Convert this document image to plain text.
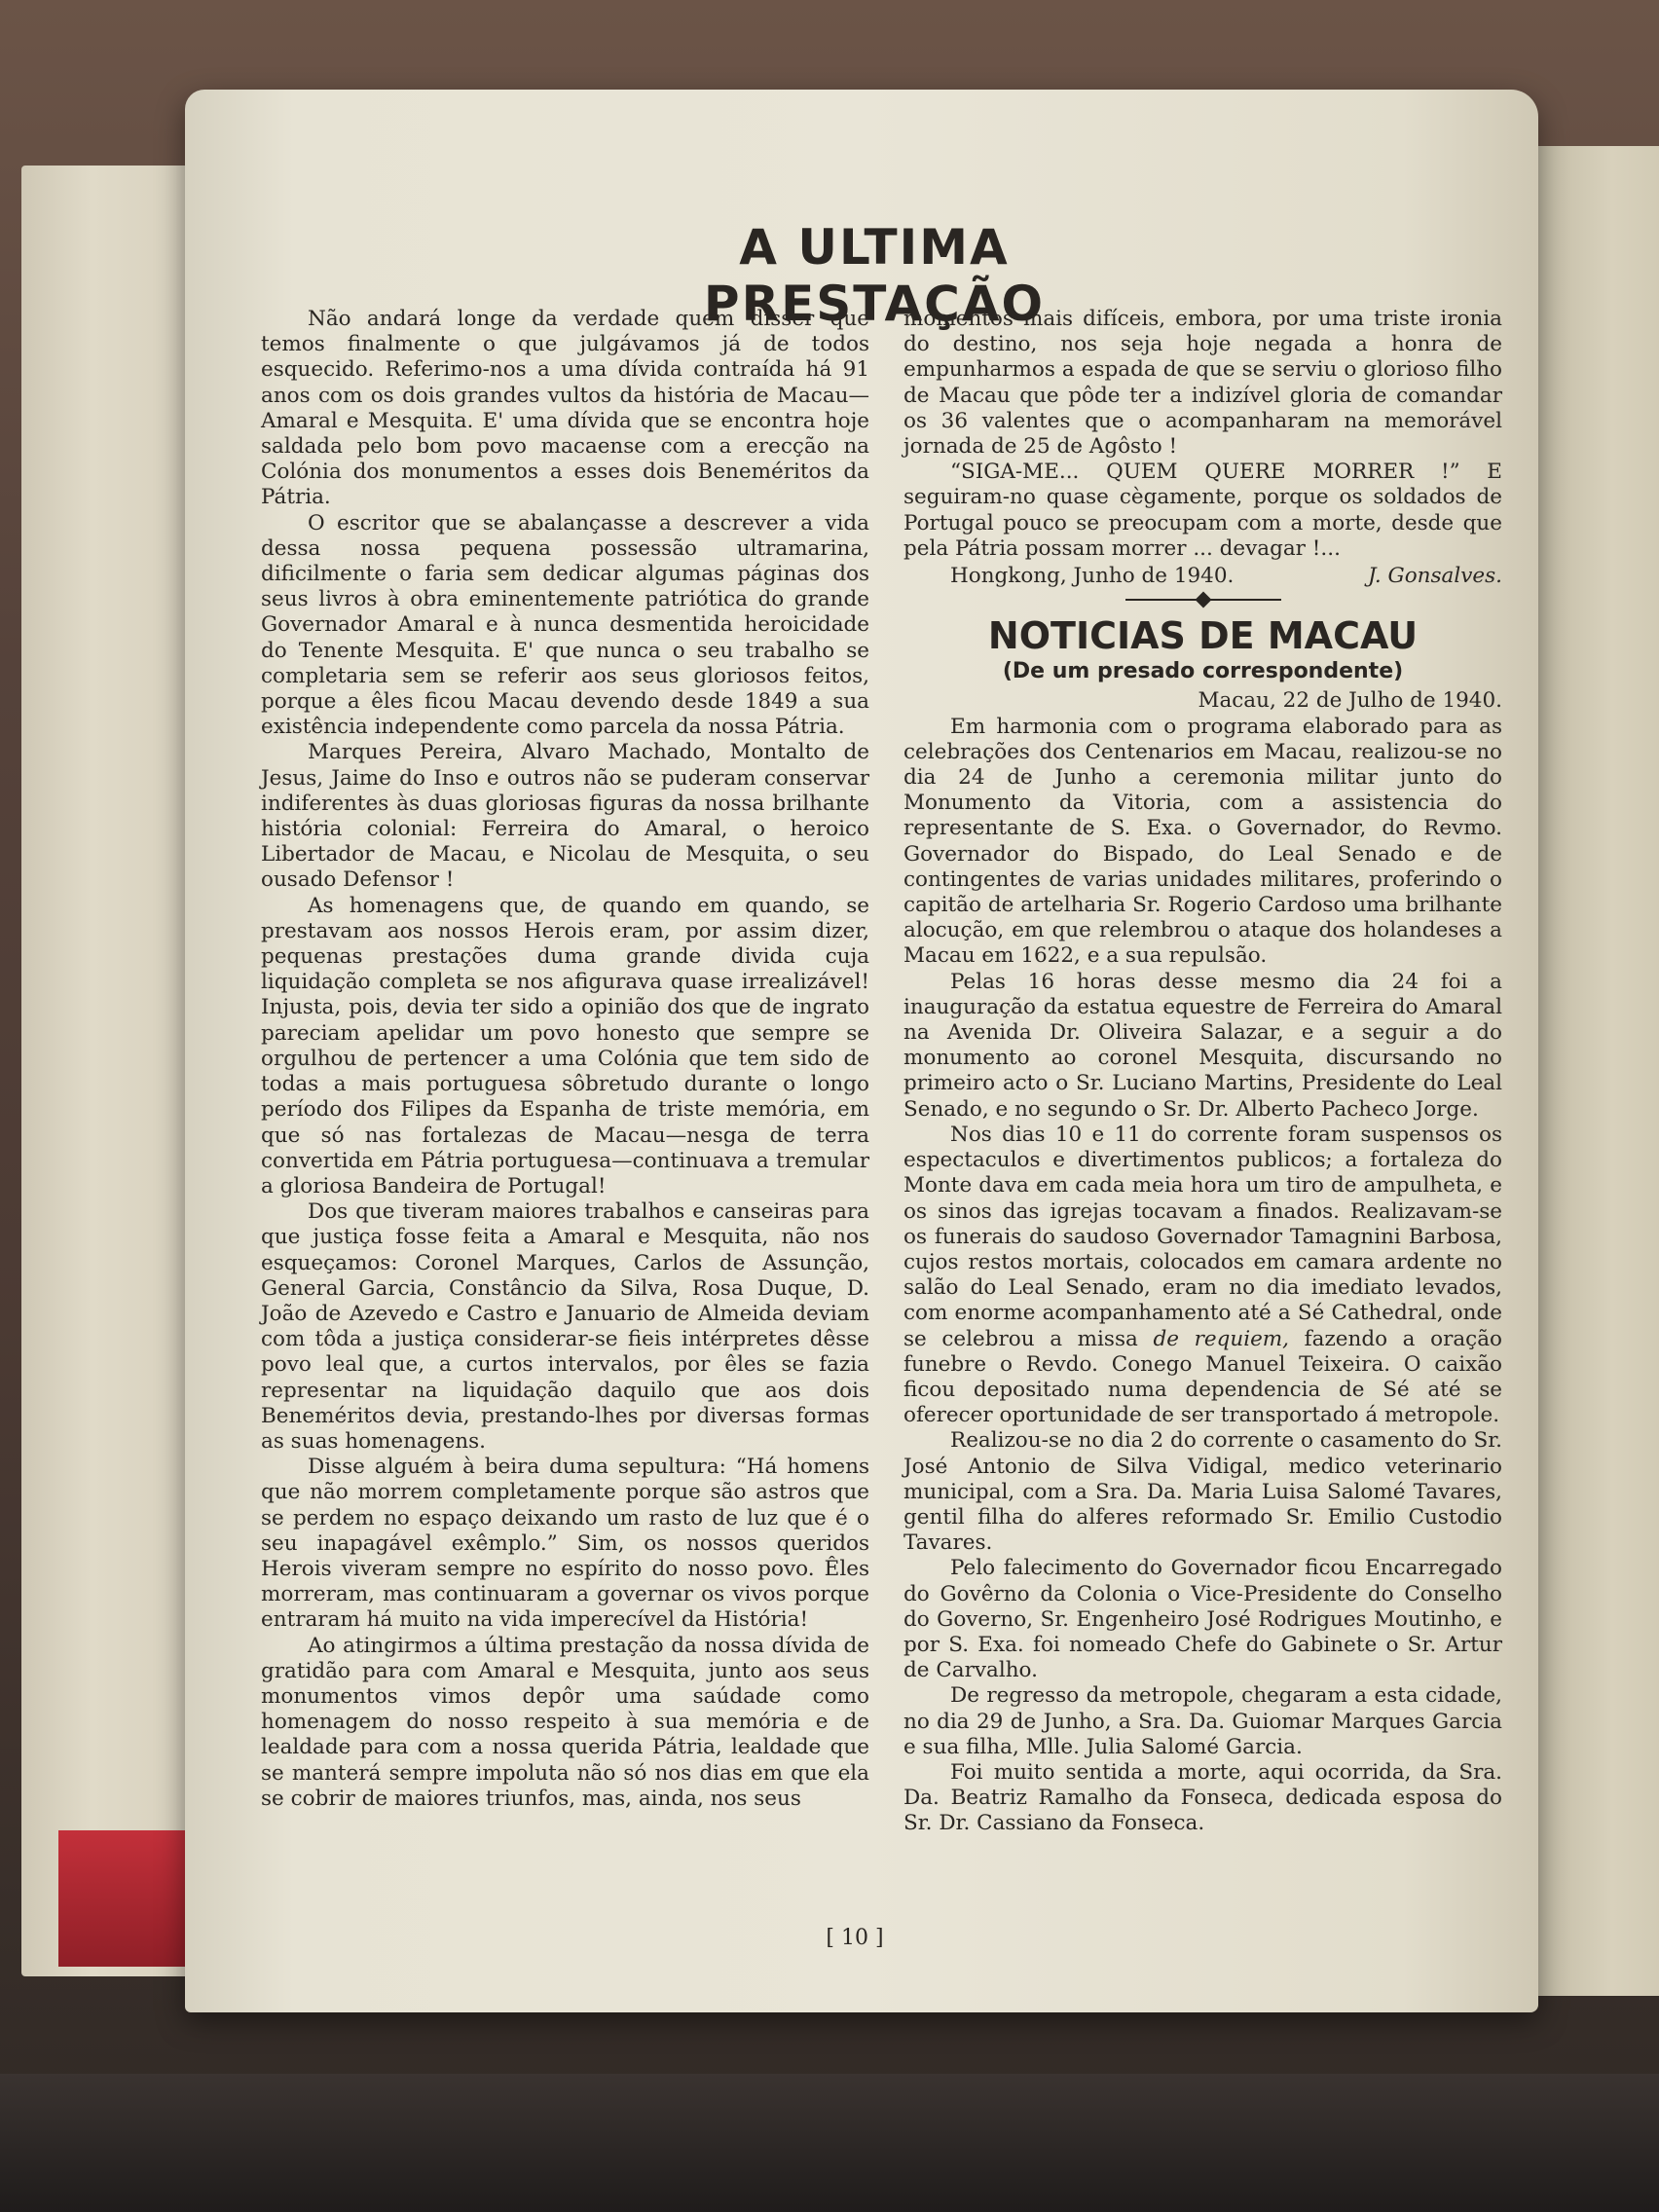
A ULTIMA PRESTAÇÃO

Não andará longe da verdade quem disser que temos finalmente o que julgávamos já de todos esquecido. Referimo-nos a uma dívida contraída há 91 anos com os dois grandes vultos da história de Macau—Amaral e Mesquita. E' uma dívida que se encontra hoje saldada pelo bom povo macaense com a erecção na Colónia dos monumentos a esses dois Beneméritos da Pátria.

O escritor que se abalançasse a descrever a vida dessa nossa pequena possessão ultramarina, dificilmente o faria sem dedicar algumas páginas dos seus livros à obra eminentemente patriótica do grande Governador Amaral e à nunca desmentida heroicidade do Tenente Mesquita. E' que nunca o seu trabalho se completaria sem se referir aos seus gloriosos feitos, porque a êles ficou Macau devendo desde 1849 a sua existência independente como parcela da nossa Pátria.

Marques Pereira, Alvaro Machado, Montalto de Jesus, Jaime do Inso e outros não se puderam conservar indiferentes às duas gloriosas figuras da nossa brilhante história colonial: Ferreira do Amaral, o heroico Libertador de Macau, e Nicolau de Mesquita, o seu ousado Defensor !

As homenagens que, de quando em quando, se prestavam aos nossos Herois eram, por assim dizer, pequenas prestações duma grande divida cuja liquidação completa se nos afigurava quase irrealizável! Injusta, pois, devia ter sido a opinião dos que de ingrato pareciam apelidar um povo honesto que sempre se orgulhou de pertencer a uma Colónia que tem sido de todas a mais portuguesa sôbretudo durante o longo período dos Filipes da Espanha de triste memória, em que só nas fortalezas de Macau—nesga de terra convertida em Pátria portuguesa—continuava a tremular a gloriosa Bandeira de Portugal!

Dos que tiveram maiores trabalhos e canseiras para que justiça fosse feita a Amaral e Mesquita, não nos esqueçamos: Coronel Marques, Carlos de Assunção, General Garcia, Constâncio da Silva, Rosa Duque, D. João de Azevedo e Castro e Januario de Almeida deviam com tôda a justiça considerar-se fieis intérpretes dêsse povo leal que, a curtos intervalos, por êles se fazia representar na liquidação daquilo que aos dois Beneméritos devia, prestando-lhes por diversas formas as suas homenagens.

Disse alguém à beira duma sepultura: “Há homens que não morrem completamente porque são astros que se perdem no espaço deixando um rasto de luz que é o seu inapagável exêmplo.” Sim, os nossos queridos Herois viveram sempre no espírito do nosso povo. Êles morreram, mas continuaram a governar os vivos porque entraram há muito na vida imperecível da História!

Ao atingirmos a última prestação da nossa dívida de gratidão para com Amaral e Mesquita, junto aos seus monumentos vimos depôr uma saúdade como homenagem do nosso respeito à sua memória e de lealdade para com a nossa querida Pátria, lealdade que se manterá sempre impoluta não só nos dias em que ela se cobrir de maiores triunfos, mas, ainda, nos seus

momentos mais difíceis, embora, por uma triste ironia do destino, nos seja hoje negada a honra de empunharmos a espada de que se serviu o glorioso filho de Macau que pôde ter a indizível gloria de comandar os 36 valentes que o acompanharam na memorável jornada de 25 de Agôsto !

“SIGA-ME... QUEM QUERE MORRER !” E seguiram-no quase cègamente, porque os soldados de Portugal pouco se preocupam com a morte, desde que pela Pátria possam morrer ... devagar !...

Hongkong, Junho de 1940.	J. Gonsalves.
NOTICIAS DE MACAU
(De um presado correspondente)

Macau, 22 de Julho de 1940.

Em harmonia com o programa elaborado para as celebrações dos Centenarios em Macau, realizou-se no dia 24 de Junho a ceremonia militar junto do Monumento da Vitoria, com a assistencia do representante de S. Exa. o Governador, do Revmo. Governador do Bispado, do Leal Senado e de contingentes de varias unidades militares, proferindo o capitão de artelharia Sr. Rogerio Cardoso uma brilhante alocução, em que relembrou o ataque dos holandeses a Macau em 1622, e a sua repulsão.

Pelas 16 horas desse mesmo dia 24 foi a inauguração da estatua equestre de Ferreira do Amaral na Avenida Dr. Oliveira Salazar, e a seguir a do monumento ao coronel Mesquita, discursando no primeiro acto o Sr. Luciano Martins, Presidente do Leal Senado, e no segundo o Sr. Dr. Alberto Pacheco Jorge.

Nos dias 10 e 11 do corrente foram suspensos os espectaculos e divertimentos publicos; a fortaleza do Monte dava em cada meia hora um tiro de ampulheta, e os sinos das igrejas tocavam a finados. Realizavam-se os funerais do saudoso Governador Tamagnini Barbosa, cujos restos mortais, colocados em camara ardente no salão do Leal Senado, eram no dia imediato levados, com enorme acompanhamento até a Sé Cathedral, onde se celebrou a missa de requiem, fazendo a oração funebre o Revdo. Conego Manuel Teixeira. O caixão ficou depositado numa dependencia de Sé até se oferecer oportunidade de ser transportado á metropole.

Realizou-se no dia 2 do corrente o casamento do Sr. José Antonio de Silva Vidigal, medico veterinario municipal, com a Sra. Da. Maria Luisa Salomé Tavares, gentil filha do alferes reformado Sr. Emilio Custodio Tavares.

Pelo falecimento do Governador ficou Encarregado do Govêrno da Colonia o Vice-Presidente do Conselho do Governo, Sr. Engenheiro José Rodrigues Moutinho, e por S. Exa. foi nomeado Chefe do Gabinete o Sr. Artur de Carvalho.

De regresso da metropole, chegaram a esta cidade, no dia 29 de Junho, a Sra. Da. Guiomar Marques Garcia e sua filha, Mlle. Julia Salomé Garcia.

Foi muito sentida a morte, aqui ocorrida, da Sra. Da. Beatriz Ramalho da Fonseca, dedicada esposa do Sr. Dr. Cassiano da Fonseca.

[ 10 ]
